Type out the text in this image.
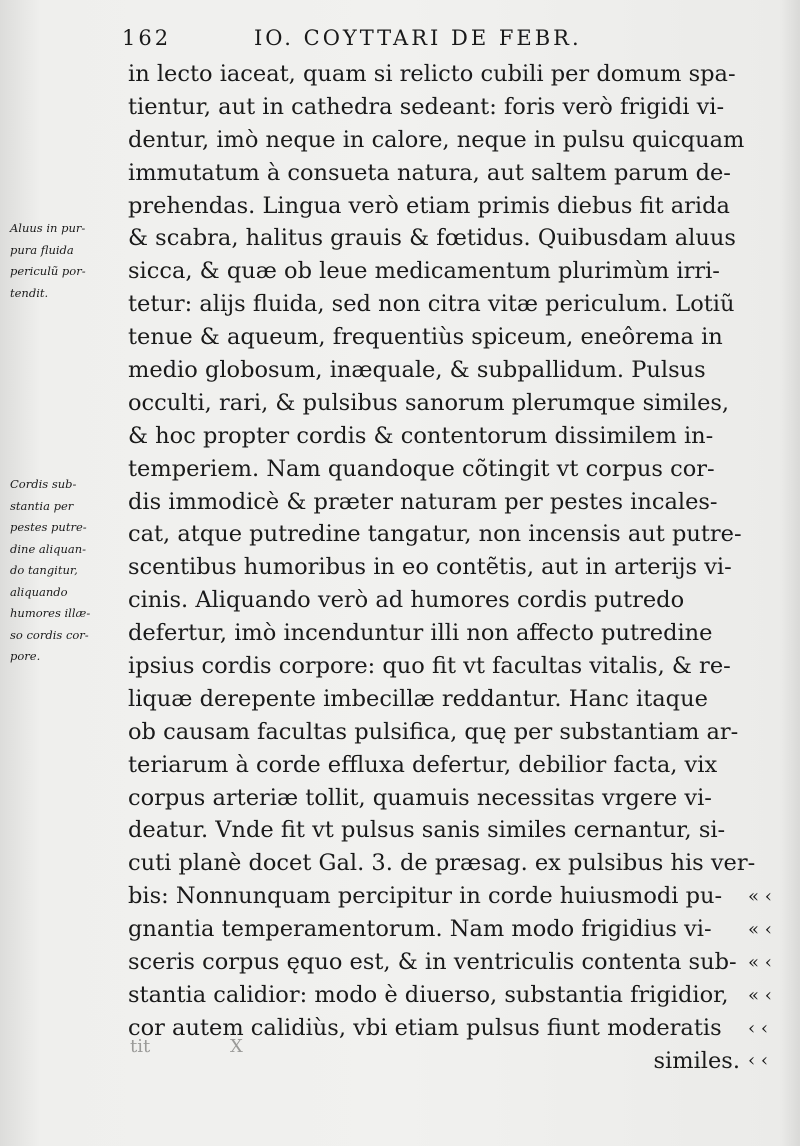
162	IO. COYTTARI DE FEBR.
Aluus in pur-
pura fluida
periculũ por-
tendit.
Cordis sub-
stantia per
pestes putre-
dine aliquan-
do tangitur,
aliquando
humores illæ-
so cordis cor-
pore.
in lecto iaceat, quam si relicto cubili per domum spa-
tientur, aut in cathedra sedeant: foris verò frigidi vi-
dentur, imò neque in calore, neque in pulsu quicquam
immutatum à consueta natura, aut saltem parum de-
prehendas. Lingua verò etiam primis diebus fit arida
& scabra, halitus grauis & fœtidus. Quibusdam aluus
sicca, & quæ ob leue medicamentum plurimùm irri-
tetur: alijs fluida, sed non citra vitæ periculum. Lotiũ
tenue & aqueum, frequentiùs spiceum, eneôrema in
medio globosum, inæquale, & subpallidum. Pulsus
occulti, rari, & pulsibus sanorum plerumque similes,
& hoc propter cordis & contentorum dissimilem in-
temperiem. Nam quandoque cõtingit vt corpus cor-
dis immodicè & præter naturam per pestes incales-
cat, atque putredine tangatur, non incensis aut putre-
scentibus humoribus in eo contẽtis, aut in arterijs vi-
cinis. Aliquando verò ad humores cordis putredo
defertur, imò incenduntur illi non affecto putredine
ipsius cordis corpore: quo fit vt facultas vitalis, & re-
liquæ derepente imbecillæ reddantur. Hanc itaque
ob causam facultas pulsifica, quę per substantiam ar-
teriarum à corde effluxa defertur, debilior facta, vix
corpus arteriæ tollit, quamuis necessitas vrgere vi-
deatur. Vnde fit vt pulsus sanis similes cernantur, si-
cuti planè docet Gal. 3. de præsag. ex pulsibus his ver-
bis: Nonnunquam percipitur in corde huiusmodi pu-
gnantia temperamentorum. Nam modo frigidius vi-
sceris corpus ęquo est, & in ventriculis contenta sub-
stantia calidior: modo è diuerso, substantia frigidior,
cor autem calidiùs, vbi etiam pulsus fiunt moderatis
similes.
« ‹
« ‹
« ‹
« ‹
‹ ‹
‹ ‹
tit	X
